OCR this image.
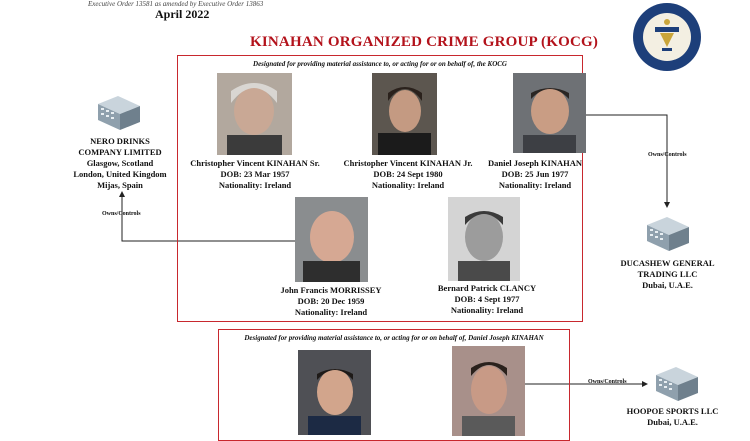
Executive Order 13581 as amended by Executive Order 13863
April 2022
KINAHAN ORGANIZED CRIME GROUP (KOCG)
Owns/Controls
Owns/Controls
Owns/Controls
Designated for providing material assistance to, or acting for or on behalf of, the KOCG
Christopher Vincent KINAHAN Sr.
DOB: 23 Mar 1957
Nationality: Ireland
Christopher Vincent KINAHAN Jr.
DOB: 24 Sept 1980
Nationality: Ireland
Daniel Joseph KINAHAN
DOB: 25 Jun 1977
Nationality: Ireland
John Francis MORRISSEY
DOB: 20 Dec 1959
Nationality: Ireland
Bernard Patrick CLANCY
DOB: 4 Sept 1977
Nationality: Ireland
NERO DRINKS
COMPANY LIMITED
Glasgow, Scotland
London, United Kingdom
Mijas, Spain
DUCASHEW GENERAL
TRADING LLC
Dubai, U.A.E.
Designated for providing material assistance to, or acting for or on behalf of, Daniel Joseph KINAHAN
HOOPOE SPORTS LLC
Dubai, U.A.E.
